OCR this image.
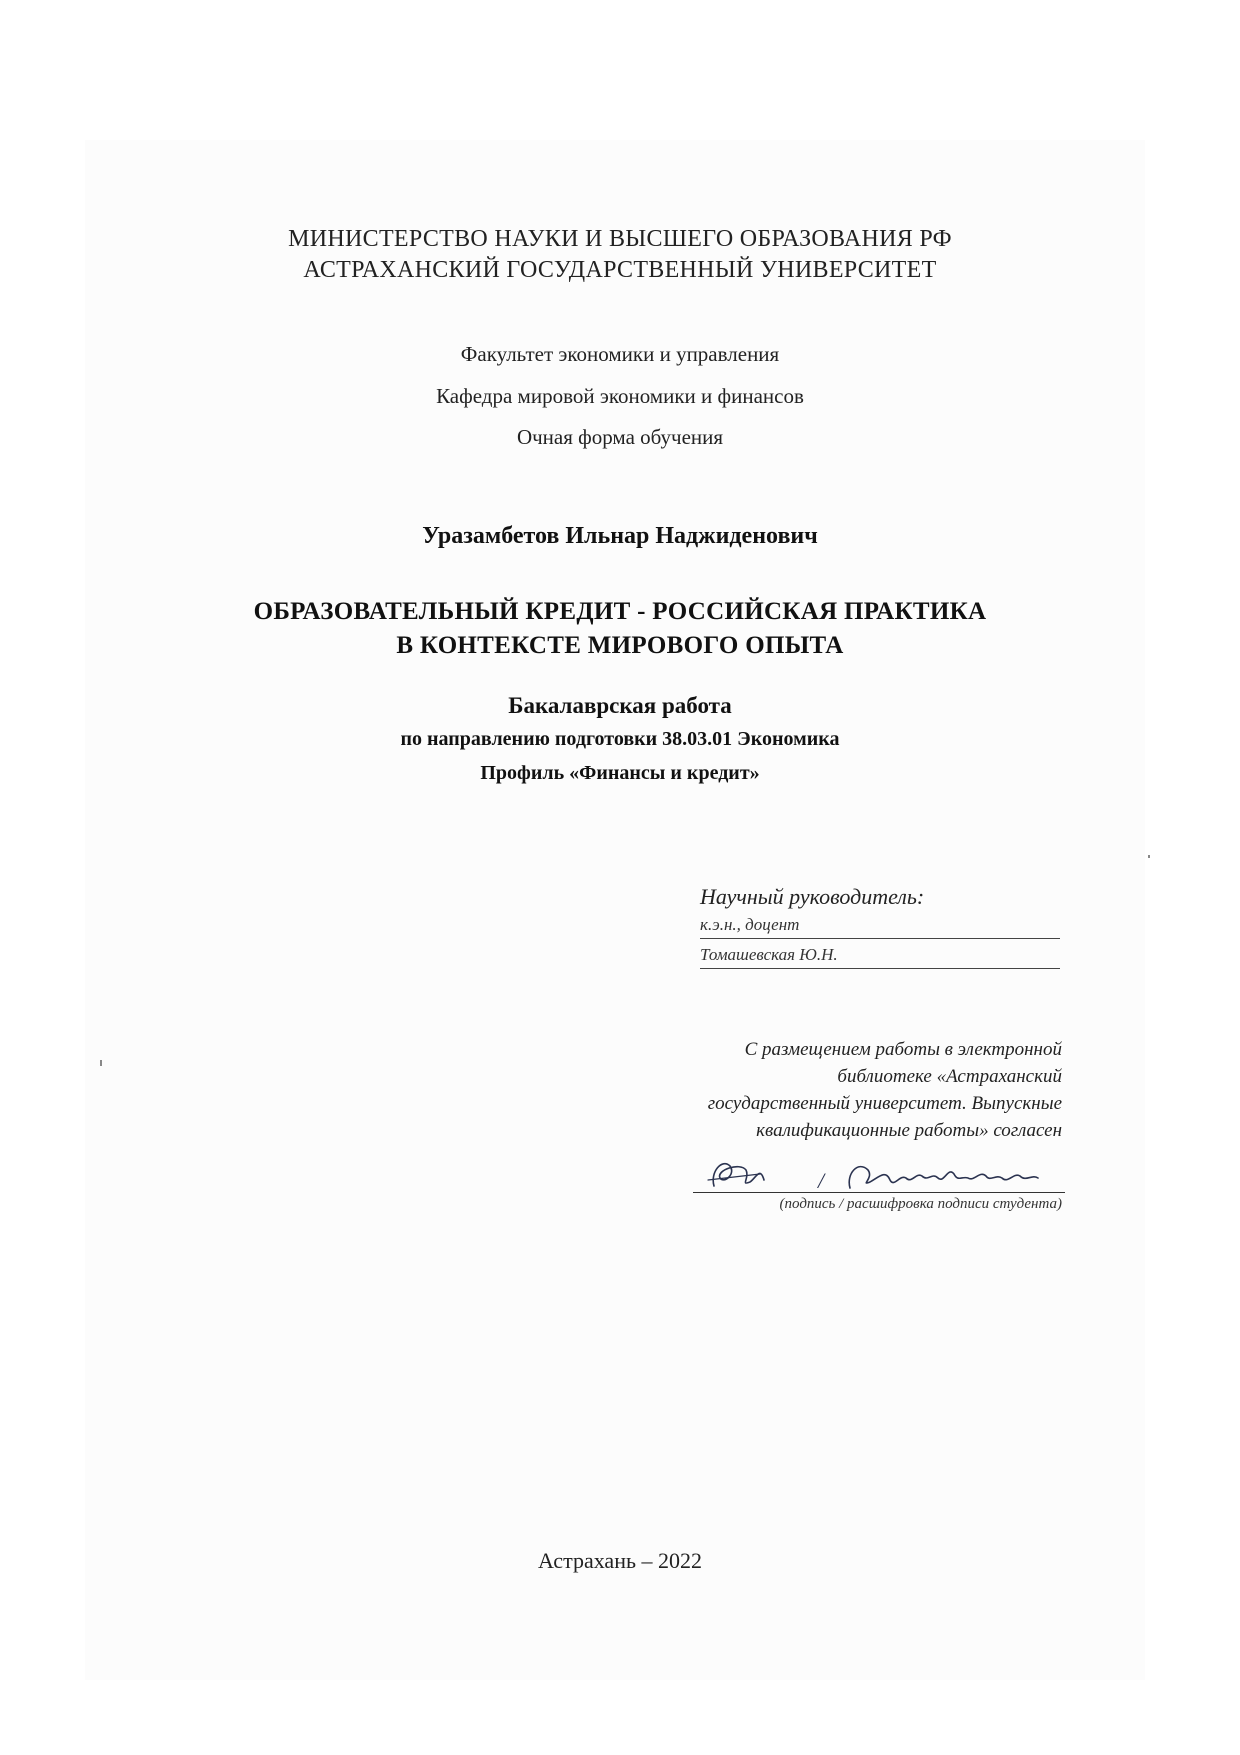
МИНИСТЕРСТВО НАУКИ И ВЫСШЕГО ОБРАЗОВАНИЯ РФ
АСТРАХАНСКИЙ ГОСУДАРСТВЕННЫЙ УНИВЕРСИТЕТ
Факультет экономики и управления
Кафедра мировой экономики и финансов
Очная форма обучения
Уразамбетов Ильнар Наджиденович
ОБРАЗОВАТЕЛЬНЫЙ КРЕДИТ - РОССИЙСКАЯ ПРАКТИКА
В КОНТЕКСТЕ МИРОВОГО ОПЫТА
Бакалаврская работа
по направлению подготовки 38.03.01 Экономика
Профиль «Финансы и кредит»
Научный руководитель:
к.э.н., доцент
Томашевская Ю.Н.
С размещением работы в электронной
библиотеке «Астраханский
государственный университет. Выпускные
квалификационные работы» согласен
/
(подпись / расшифровка подписи студента)
Астрахань – 2022
